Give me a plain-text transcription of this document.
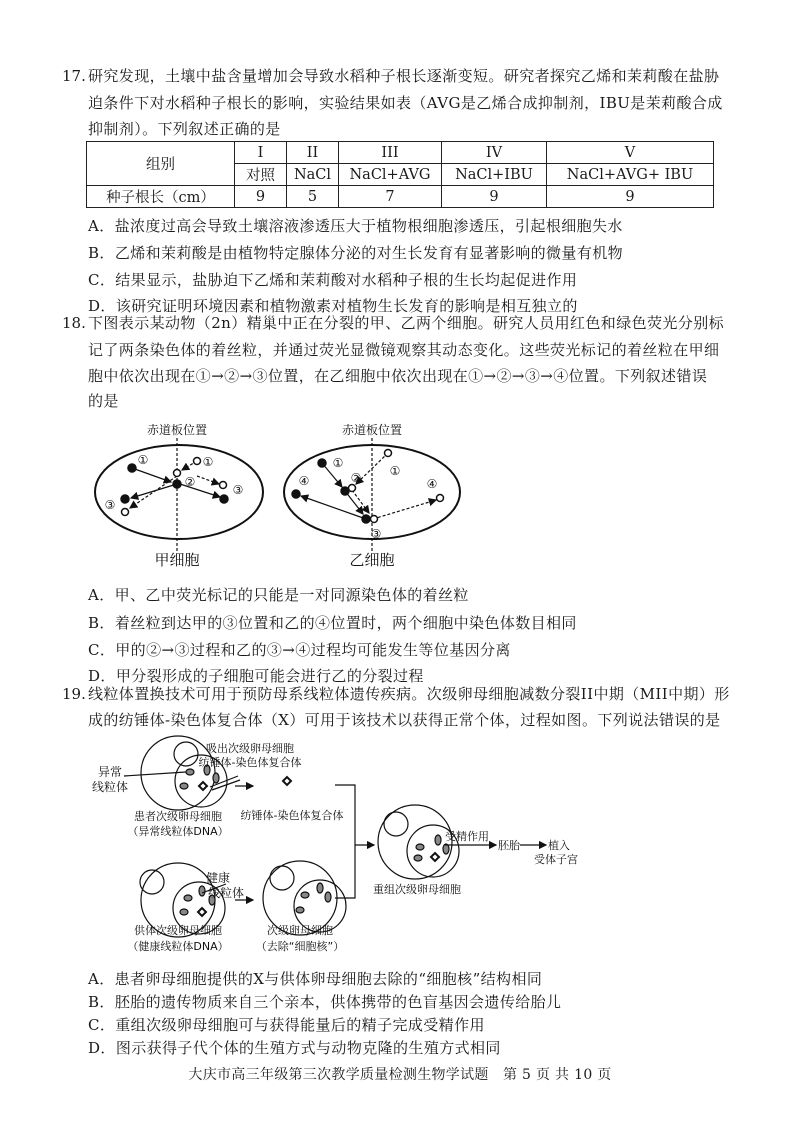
17. 研究发现，土壤中盐含量增加会导致水稻种子根长逐渐变短。研究者探究乙烯和茉莉酸在盐胁
迫条件下对水稻种子根长的影响，实验结果如表（AVG是乙烯合成抑制剂，IBU是茉莉酸合成
抑制剂）。下列叙述正确的是
组别	I	II	III	IV	V
	对照	NaCl	NaCl+AVG	NaCl+IBU	NaCl+AVG+ IBU
种子根长（cm）	9	5	7	9	9
A．盐浓度过高会导致土壤溶液渗透压大于植物根细胞渗透压，引起根细胞失水
B．乙烯和茉莉酸是由植物特定腺体分泌的对生长发育有显著影响的微量有机物
C．结果显示，盐胁迫下乙烯和茉莉酸对水稻种子根的生长均起促进作用
D．该研究证明环境因素和植物激素对植物生长发育的影响是相互独立的
18. 下图表示某动物（2n）精巢中正在分裂的甲、乙两个细胞。研究人员用红色和绿色荧光分别标
记了两条染色体的着丝粒，并通过荧光显微镜观察其动态变化。这些荧光标记的着丝粒在甲细
胞中依次出现在①→②→③位置，在乙细胞中依次出现在①→②→③→④位置。下列叙述错误
的是
赤道板位置
①	①
②
③
③
甲细胞
赤道板位置
①
①
②
③
④	④
乙细胞
异常
线粒体
吸出次级卵母细胞
纺锤体-染色体复合体
纺锤体-染色体复合体
患者次级卵母细胞
（异常线粒体DNA）
健康
线粒体
供体次级卵母细胞
（健康线粒体DNA）
次级卵母细胞
（去除“细胞核”）
重组次级卵母细胞
受精作用
胚胎	植入
受体子宫
A．甲、乙中荧光标记的只能是一对同源染色体的着丝粒
B．着丝粒到达甲的③位置和乙的④位置时，两个细胞中染色体数目相同
C．甲的②→③过程和乙的③→④过程均可能发生等位基因分离
D．甲分裂形成的子细胞可能会进行乙的分裂过程
19. 线粒体置换技术可用于预防母系线粒体遗传疾病。次级卵母细胞减数分裂II中期（MII中期）形
成的纺锤体-染色体复合体（X）可用于该技术以获得正常个体，过程如图。下列说法错误的是
A．患者卵母细胞提供的X与供体卵母细胞去除的“细胞核”结构相同
B．胚胎的遗传物质来自三个亲本，供体携带的色盲基因会遗传给胎儿
C．重组次级卵母细胞可与获得能量后的精子完成受精作用
D．图示获得子代个体的生殖方式与动物克隆的生殖方式相同
大庆市高三年级第三次教学质量检测生物学试题　第 5 页 共 10 页
